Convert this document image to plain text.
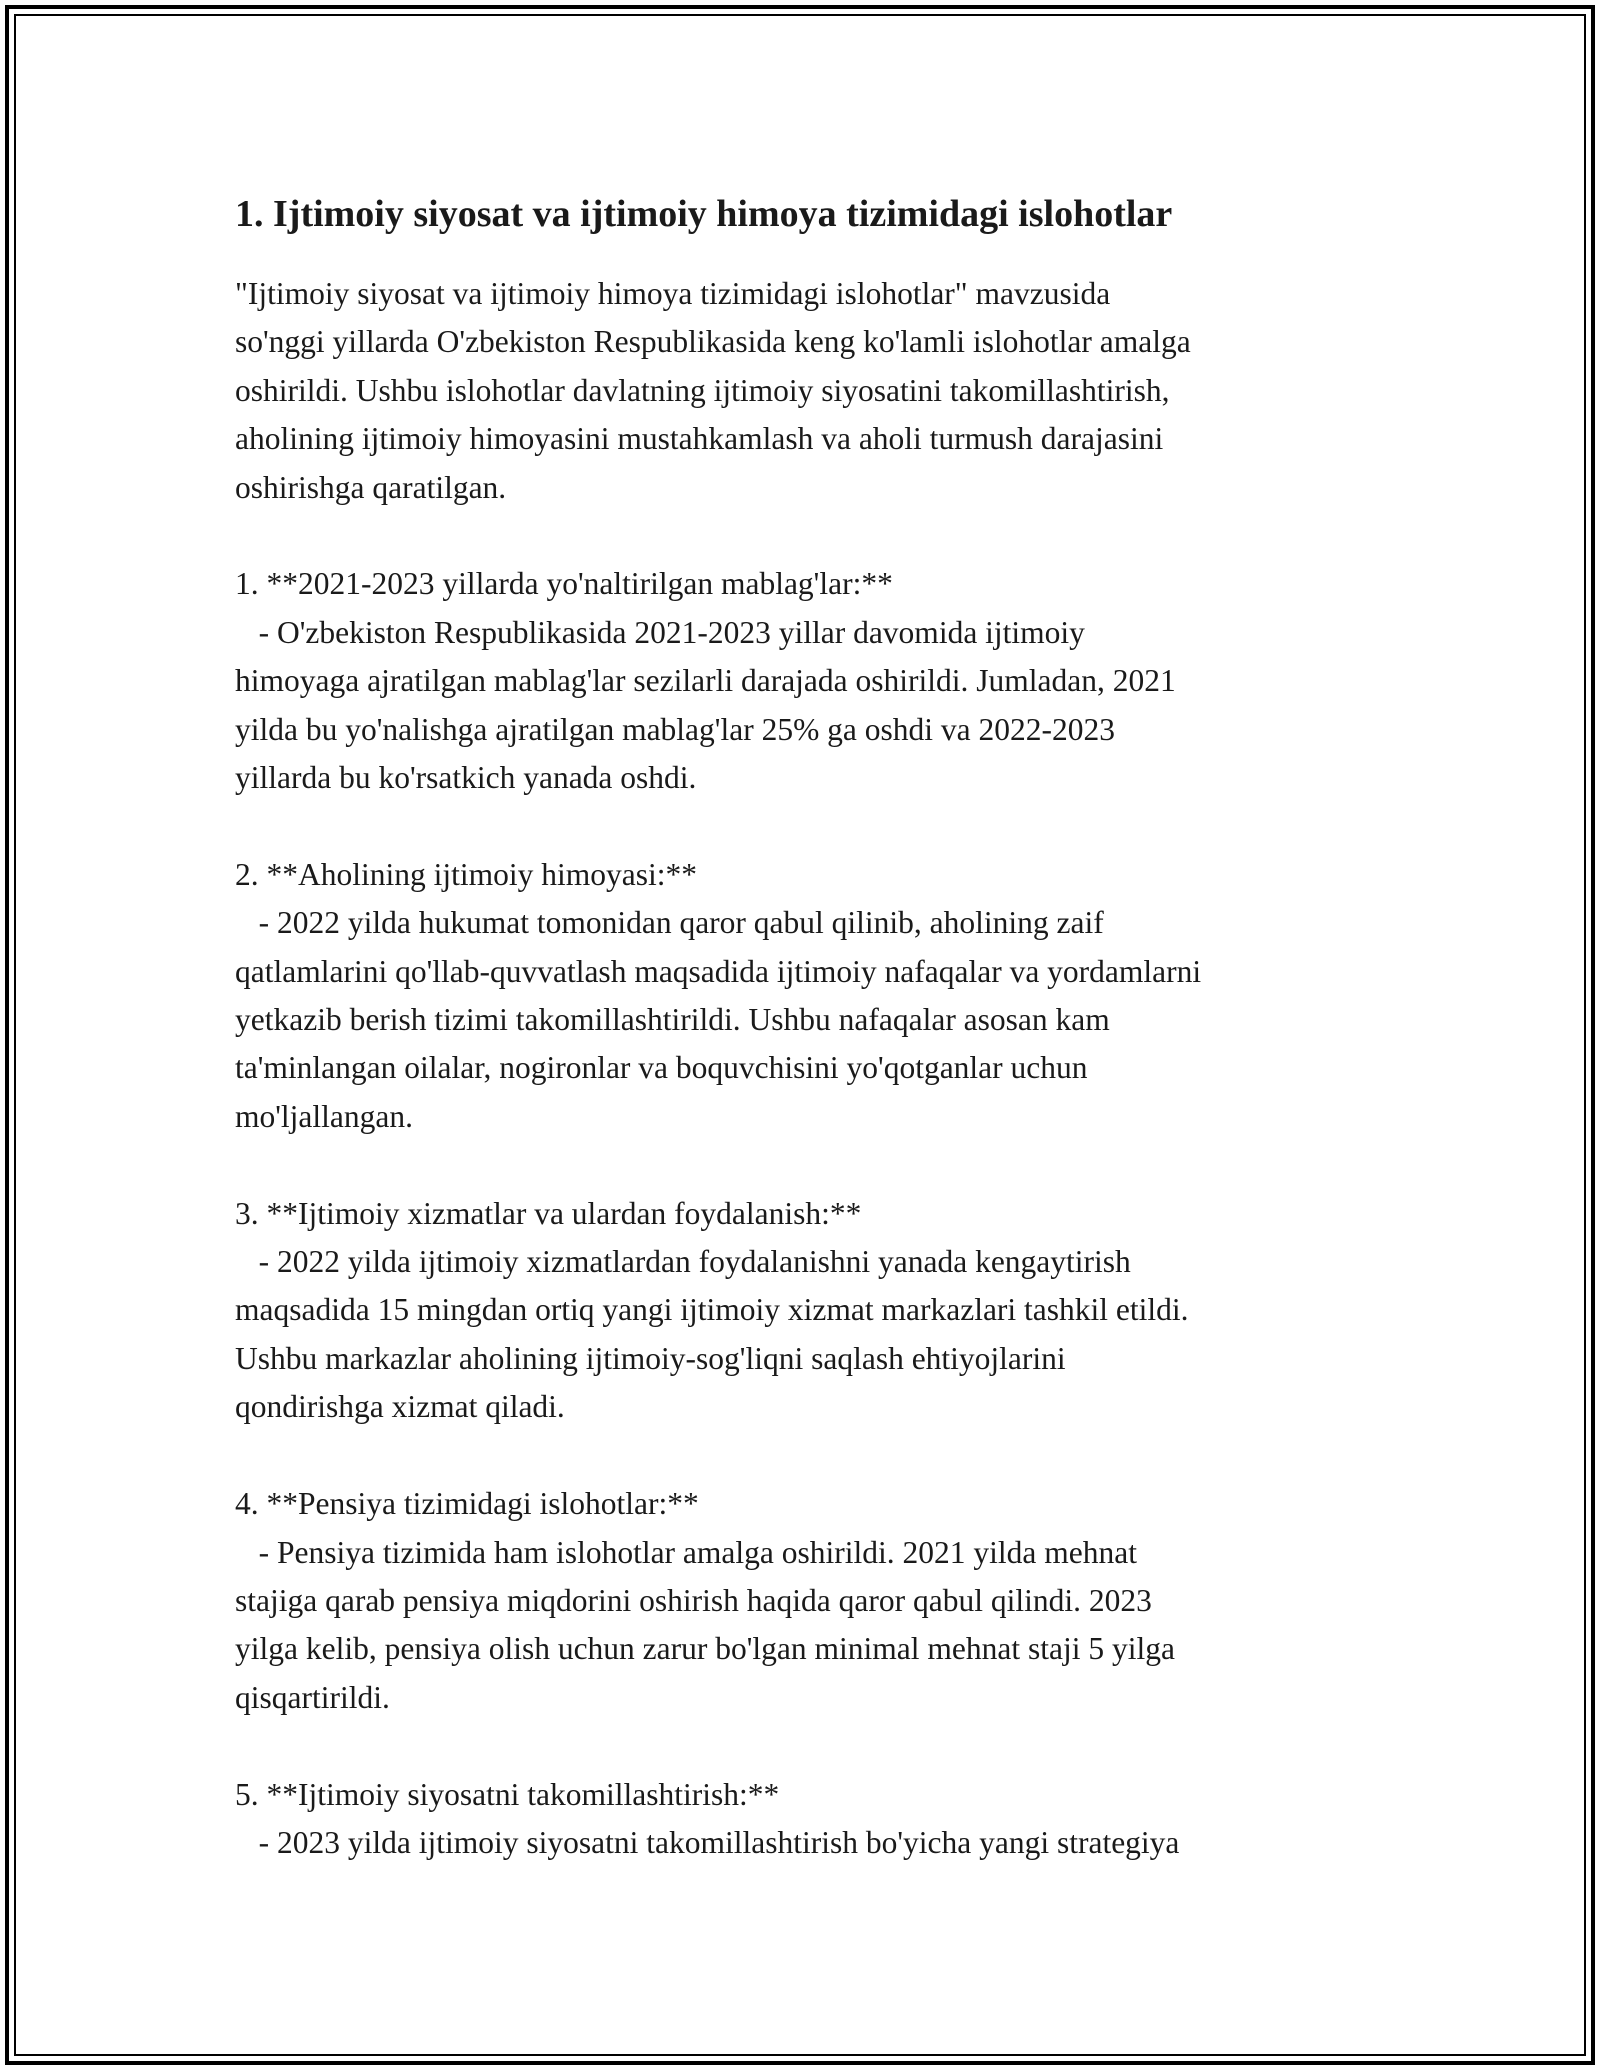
1. Ijtimoiy siyosat va ijtimoiy himoya tizimidagi islohotlar

"Ijtimoiy siyosat va ijtimoiy himoya tizimidagi islohotlar" mavzusida
so'nggi yillarda O'zbekiston Respublikasida keng ko'lamli islohotlar amalga
oshirildi. Ushbu islohotlar davlatning ijtimoiy siyosatini takomillashtirish,
aholining ijtimoiy himoyasini mustahkamlash va aholi turmush darajasini
oshirishga qaratilgan.

1. **2021-2023 yillarda yo'naltirilgan mablag'lar:**

- O'zbekiston Respublikasida 2021-2023 yillar davomida ijtimoiy
himoyaga ajratilgan mablag'lar sezilarli darajada oshirildi. Jumladan, 2021
yilda bu yo'nalishga ajratilgan mablag'lar 25% ga oshdi va 2022-2023
yillarda bu ko'rsatkich yanada oshdi.

2. **Aholining ijtimoiy himoyasi:**

- 2022 yilda hukumat tomonidan qaror qabul qilinib, aholining zaif
qatlamlarini qo'llab-quvvatlash maqsadida ijtimoiy nafaqalar va yordamlarni
yetkazib berish tizimi takomillashtirildi. Ushbu nafaqalar asosan kam
ta'minlangan oilalar, nogironlar va boquvchisini yo'qotganlar uchun
mo'ljallangan.

3. **Ijtimoiy xizmatlar va ulardan foydalanish:**

- 2022 yilda ijtimoiy xizmatlardan foydalanishni yanada kengaytirish
maqsadida 15 mingdan ortiq yangi ijtimoiy xizmat markazlari tashkil etildi.
Ushbu markazlar aholining ijtimoiy-sog'liqni saqlash ehtiyojlarini
qondirishga xizmat qiladi.

4. **Pensiya tizimidagi islohotlar:**

- Pensiya tizimida ham islohotlar amalga oshirildi. 2021 yilda mehnat
stajiga qarab pensiya miqdorini oshirish haqida qaror qabul qilindi. 2023
yilga kelib, pensiya olish uchun zarur bo'lgan minimal mehnat staji 5 yilga
qisqartirildi.

5. **Ijtimoiy siyosatni takomillashtirish:**

- 2023 yilda ijtimoiy siyosatni takomillashtirish bo'yicha yangi strategiya
